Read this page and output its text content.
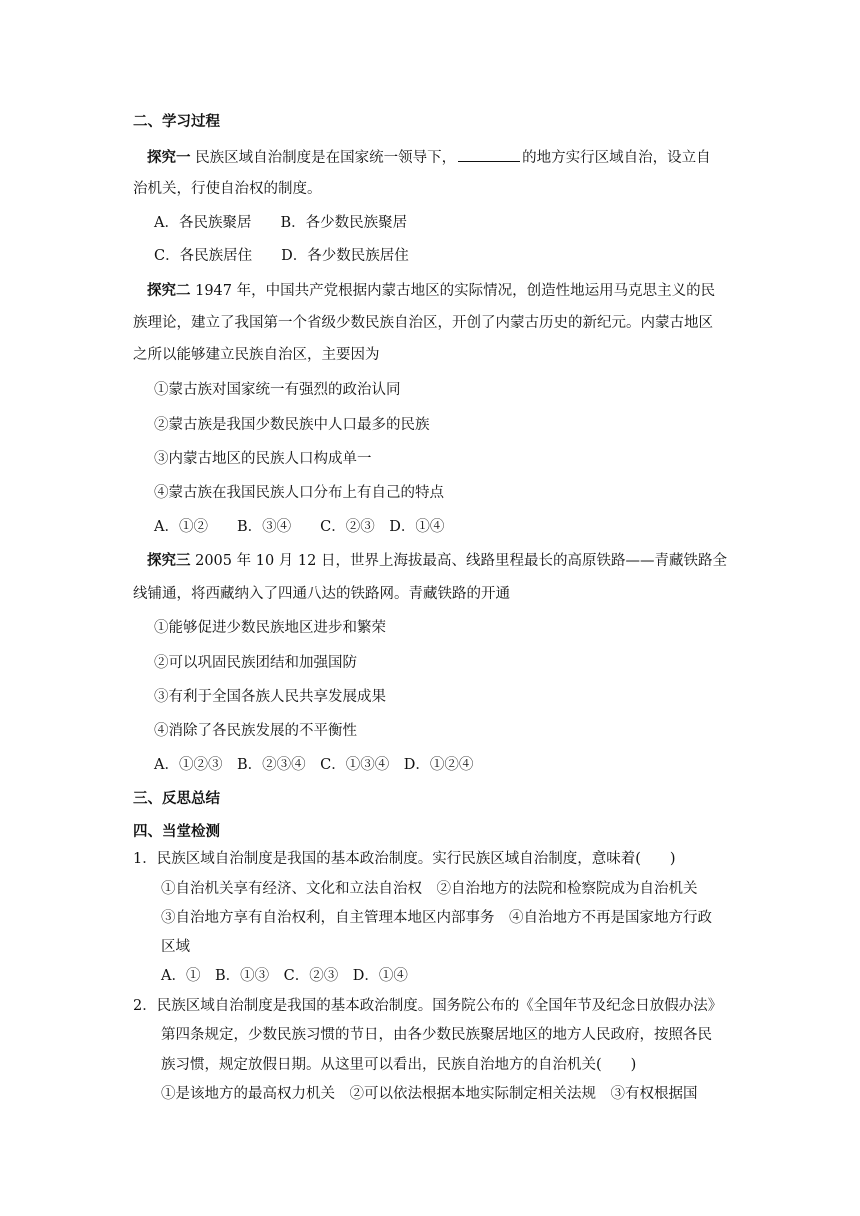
二、学习过程
探究一 民族区域自治制度是在国家统一领导下，	的地方实行区域自治，设立自
治机关，行使自治权的制度。
A．各民族聚居　　B．各少数民族聚居
C．各民族居住　　D．各少数民族居住
探究二 1947 年，中国共产党根据内蒙古地区的实际情况，创造性地运用马克思主义的民
族理论，建立了我国第一个省级少数民族自治区，开创了内蒙古历史的新纪元。内蒙古地区
之所以能够建立民族自治区，主要因为
①蒙古族对国家统一有强烈的政治认同
②蒙古族是我国少数民族中人口最多的民族
③内蒙古地区的民族人口构成单一
④蒙古族在我国民族人口分布上有自己的特点
A．①②　　B．③④　　C．②③　D．①④
探究三 2005 年 10 月 12 日，世界上海拔最高、线路里程最长的高原铁路——青藏铁路全
线铺通，将西藏纳入了四通八达的铁路网。青藏铁路的开通
①能够促进少数民族地区进步和繁荣
②可以巩固民族团结和加强国防
③有利于全国各族人民共享发展成果
④消除了各民族发展的不平衡性
A．①②③　B．②③④　C．①③④　D．①②④
三、反思总结
四、当堂检测
1．民族区域自治制度是我国的基本政治制度。实行民族区域自治制度，意味着(　　)
①自治机关享有经济、文化和立法自治权　②自治地方的法院和检察院成为自治机关
③自治地方享有自治权利，自主管理本地区内部事务　④自治地方不再是国家地方行政
区域
A．①　B．①③　C．②③　D．①④
2．民族区域自治制度是我国的基本政治制度。国务院公布的《全国年节及纪念日放假办法》
第四条规定，少数民族习惯的节日，由各少数民族聚居地区的地方人民政府，按照各民
族习惯，规定放假日期。从这里可以看出，民族自治地方的自治机关(　　)
①是该地方的最高权力机关　②可以依法根据本地实际制定相关法规　③有权根据国
